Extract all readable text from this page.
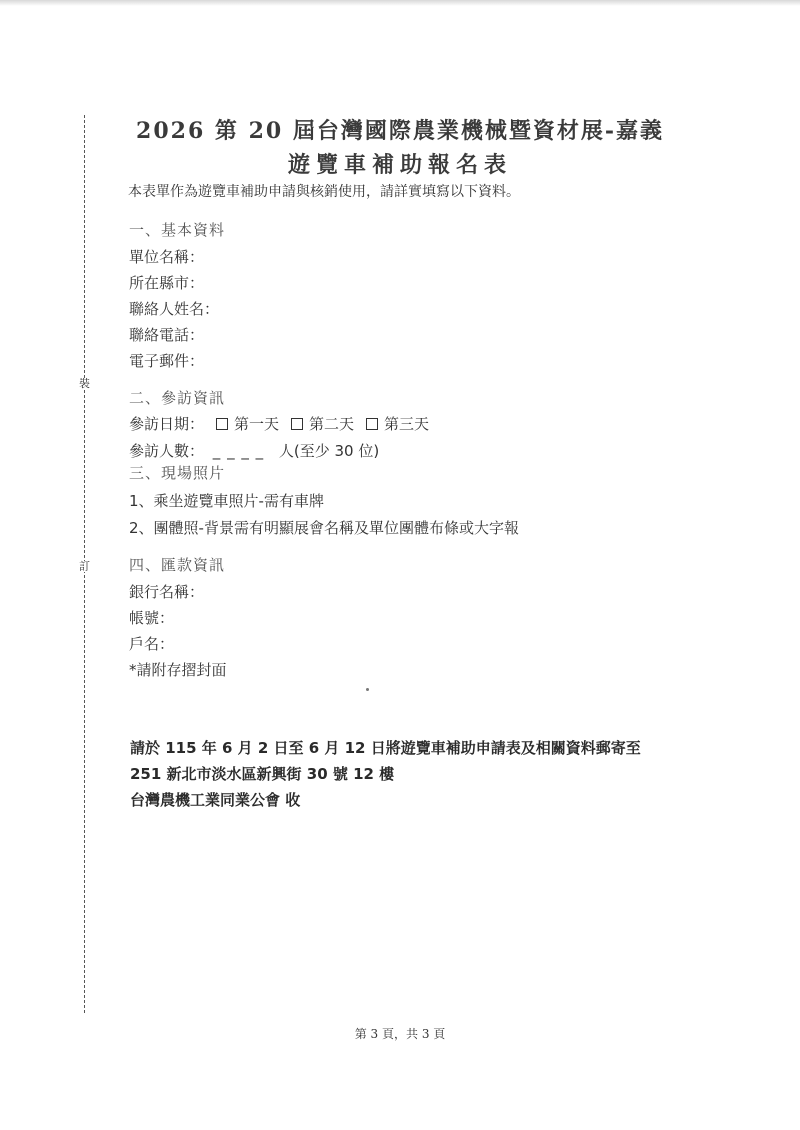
裝
訂
2026 第 20 屆台灣國際農業機械暨資材展-嘉義
遊覽車補助報名表
本表單作為遊覽車補助申請與核銷使用，請詳實填寫以下資料。
一、基本資料
單位名稱：
所在縣市：
聯絡人姓名：
聯絡電話：
電子郵件：
二、參訪資訊
參訪日期： 第一天 第二天 第三天
參訪人數： _ _ _ _ 人(至少 30 位)
三、現場照片
1、乘坐遊覽車照片-需有車牌
2、團體照-背景需有明顯展會名稱及單位團體布條或大字報
四、匯款資訊
銀行名稱：
帳號：
戶名：
*請附存摺封面
請於 115 年 6 月 2 日至 6 月 12 日將遊覽車補助申請表及相關資料郵寄至
251 新北市淡水區新興街 30 號 12 樓
台灣農機工業同業公會 收
第 3 頁，共 3 頁
